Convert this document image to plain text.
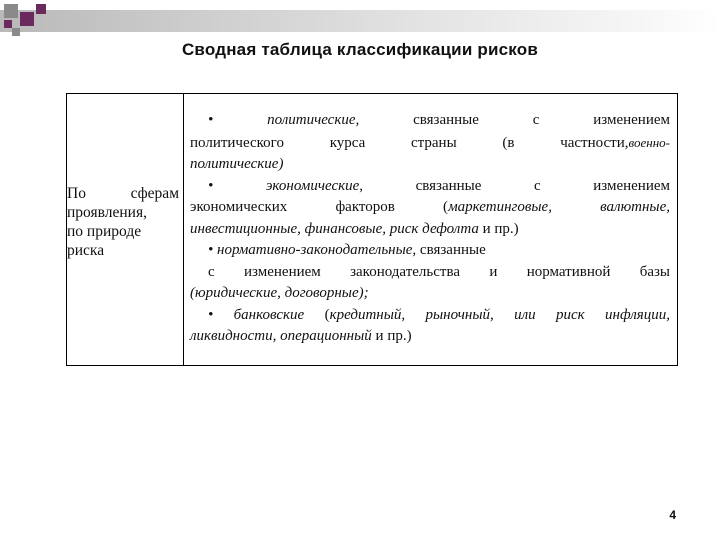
Сводная таблица классификации рисков
По сферам
проявления,
по природе
риска
• политические, связанные с изменением
политического курса страны (в частности,военно-
политические)
• экономические, связанные с изменением
экономических факторов (маркетинговые, валютные,
инвестиционные, финансовые, риск дефолта и пр.)
• нормативно-законодательные, связанные
с изменением законодательства и нормативной базы
(юридические, договорные);
• банковские (кредитный, рыночный, или риск инфляции,
ликвидности, операционный и пр.)
4
